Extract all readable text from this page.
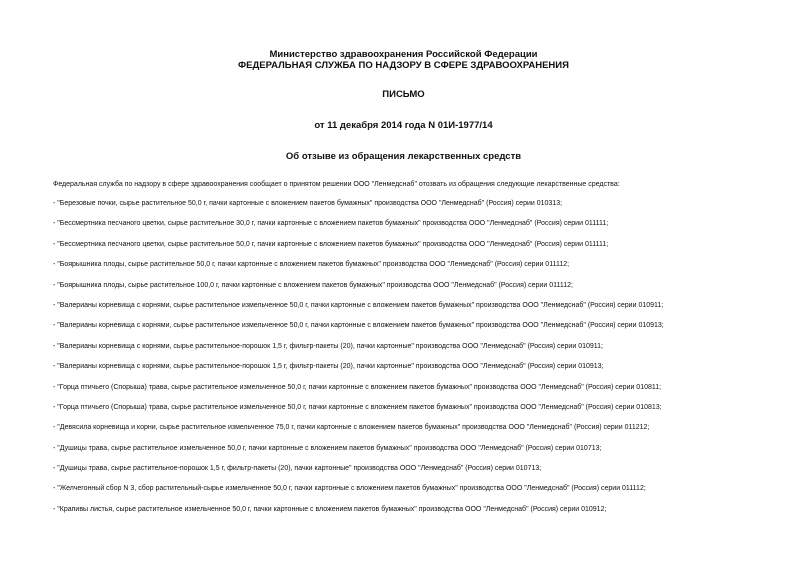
Министерство здравоохранения Российской Федерации
ФЕДЕРАЛЬНАЯ СЛУЖБА ПО НАДЗОРУ В СФЕРЕ ЗДРАВООХРАНЕНИЯ
ПИСЬМО
от 11 декабря 2014 года N 01И-1977/14
Об отзыве из обращения лекарственных средств
Федеральная служба по надзору в сфере здравоохранения сообщает о принятом решении ООО "Ленмедснаб" отозвать из обращения следующие лекарственные средства:
- "Березовые почки, сырье растительное 50,0 г, пачки картонные с вложением пакетов бумажных" производства ООО "Ленмедснаб" (Россия) серии 010313;
- "Бессмертника песчаного цветки, сырье растительное 30,0 г, пачки картонные с вложением пакетов бумажных" производства ООО "Ленмедснаб" (Россия) серии 011111;
- "Бессмертника песчаного цветки, сырье растительное 50,0 г, пачки картонные с вложением пакетов бумажных" производства ООО "Ленмедснаб" (Россия) серии 011111;
- "Боярышника плоды, сырье растительное 50,0 г, пачки картонные с вложением пакетов бумажных" производства ООО "Ленмедснаб" (Россия) серии 011112;
- "Боярышника плоды, сырье растительное 100,0 г, пачки картонные с вложением пакетов бумажных" производства ООО "Ленмедснаб" (Россия) серии 011112;
- "Валерианы корневища с корнями, сырье растительное измельченное 50,0 г, пачки картонные с вложением пакетов бумажных" производства ООО "Ленмедснаб" (Россия) серии 010911;
- "Валерианы корневища с корнями, сырье растительное измельченное 50,0 г, пачки картонные с вложением пакетов бумажных" производства ООО "Ленмедснаб" (Россия) серии 010913;
- "Валерианы корневища с корнями, сырье растительное-порошок 1,5 г, фильтр-пакеты (20), пачки картонные" производства ООО "Ленмедснаб" (Россия) серии 010911;
- "Валерианы корневища с корнями, сырье растительное-порошок 1,5 г, фильтр-пакеты (20), пачки картонные" производства ООО "Ленмедснаб" (Россия) серии 010913;
- "Горца птичьего (Спорыша) трава, сырье растительное измельченное 50,0 г, пачки картонные с вложением пакетов бумажных" производства ООО "Ленмедснаб" (Россия) серии 010811;
- "Горца птичьего (Спорыша) трава, сырье растительное измельченное 50,0 г, пачки картонные с вложением пакетов бумажных" производства ООО "Ленмедснаб" (Россия) серии 010813;
- "Девясила корневища и корни, сырье растительное измельченное 75,0 г, пачки картонные с вложением пакетов бумажных" производства ООО "Ленмедснаб" (Россия) серии 011212;
- "Душицы трава, сырье растительное измельченное 50,0 г, пачки картонные с вложением пакетов бумажных" производства ООО "Ленмедснаб" (Россия) серии 010713;
- "Душицы трава, сырье растительное-порошок 1,5 г, фильтр-пакеты (20), пачки картонные" производства ООО "Ленмедснаб" (Россия) серии 010713;
- "Желчегонный сбор N 3, сбор растительный-сырье измельченное 50,0 г, пачки картонные с вложением пакетов бумажных" производства ООО "Ленмедснаб" (Россия) серии 011112;
- "Крапивы листья, сырье растительное измельченное 50,0 г, пачки картонные с вложением пакетов бумажных" производства ООО "Ленмедснаб" (Россия) серии 010912;
